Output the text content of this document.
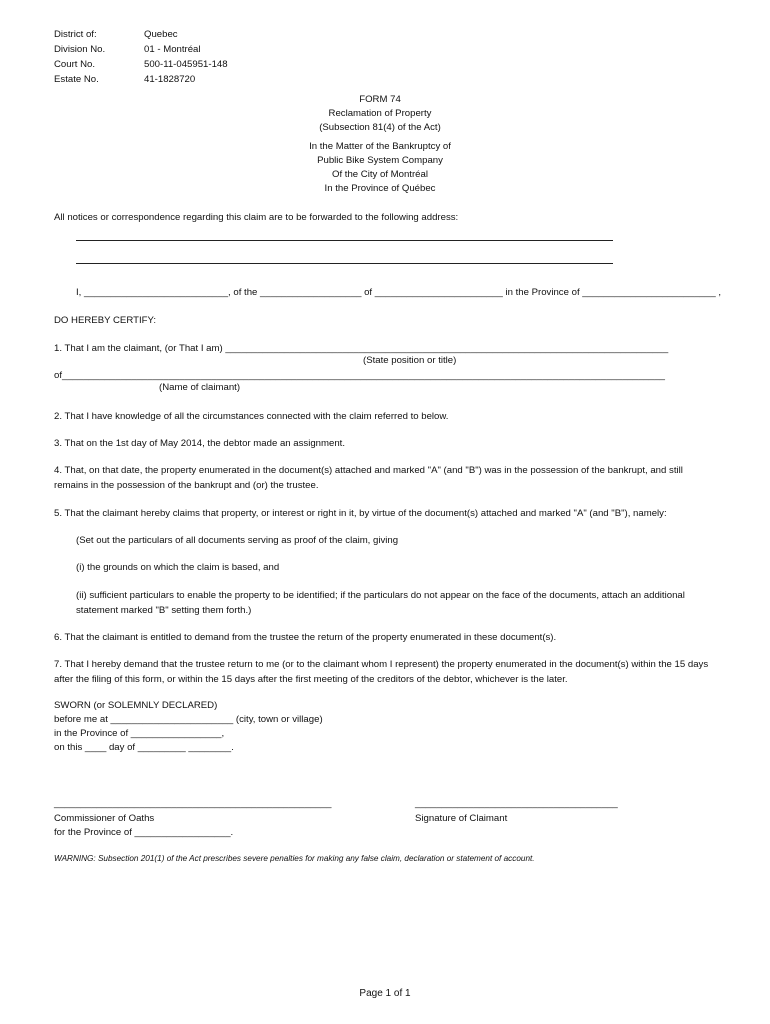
District of:	Quebec
Division No.	01 - Montréal
Court No.	500-11-045951-148
Estate No.	41-1828720
FORM 74
Reclamation of Property
(Subsection 81(4) of the Act)
In the Matter of the Bankruptcy of
Public Bike System Company
Of the City of Montréal
In the Province of Québec
All notices or correspondence regarding this claim are to be forwarded to the following address:
I, ___________________________, of the ___________________ of ________________________ in the Province of _________________________ ,
DO HEREBY CERTIFY:
1. That I am the claimant, (or That I am) ___________________________________________________________________________________
(State position or title)
of_________________________________________________________________________________________________________________
(Name of claimant)
2. That I have knowledge of all the circumstances connected with the claim referred to below.
3. That on the 1st day of May 2014, the debtor made an assignment.
4. That, on that date, the property enumerated in the document(s) attached and marked "A" (and "B") was in the possession of the bankrupt, and still remains in the possession of the bankrupt and (or) the trustee.
5. That the claimant hereby claims that property, or interest or right in it, by virtue of the document(s) attached and marked "A" (and "B"), namely:
(Set out the particulars of all documents serving as proof of the claim, giving
(i) the grounds on which the claim is based, and
(ii) sufficient particulars to enable the property to be identified; if the particulars do not appear on the face of the documents, attach an additional statement marked "B" setting them forth.)
6. That the claimant is entitled to demand from the trustee the return of the property enumerated in these document(s).
7. That I hereby demand that the trustee return to me (or to the claimant whom I represent) the property enumerated in the document(s) within the 15 days after the filing of this form, or within the 15 days after the first meeting of the creditors of the debtor, whichever is the later.
SWORN (or SOLEMNLY DECLARED)
before me at _______________________ (city, town or village)
in the Province of _________________,
on this ____ day of _________ ________.
____________________________________________________
Commissioner of Oaths
for the Province of __________________.
______________________________________
Signature of Claimant
WARNING: Subsection 201(1) of the Act prescribes severe penalties for making any false claim, declaration or statement of account.
Page 1 of 1
